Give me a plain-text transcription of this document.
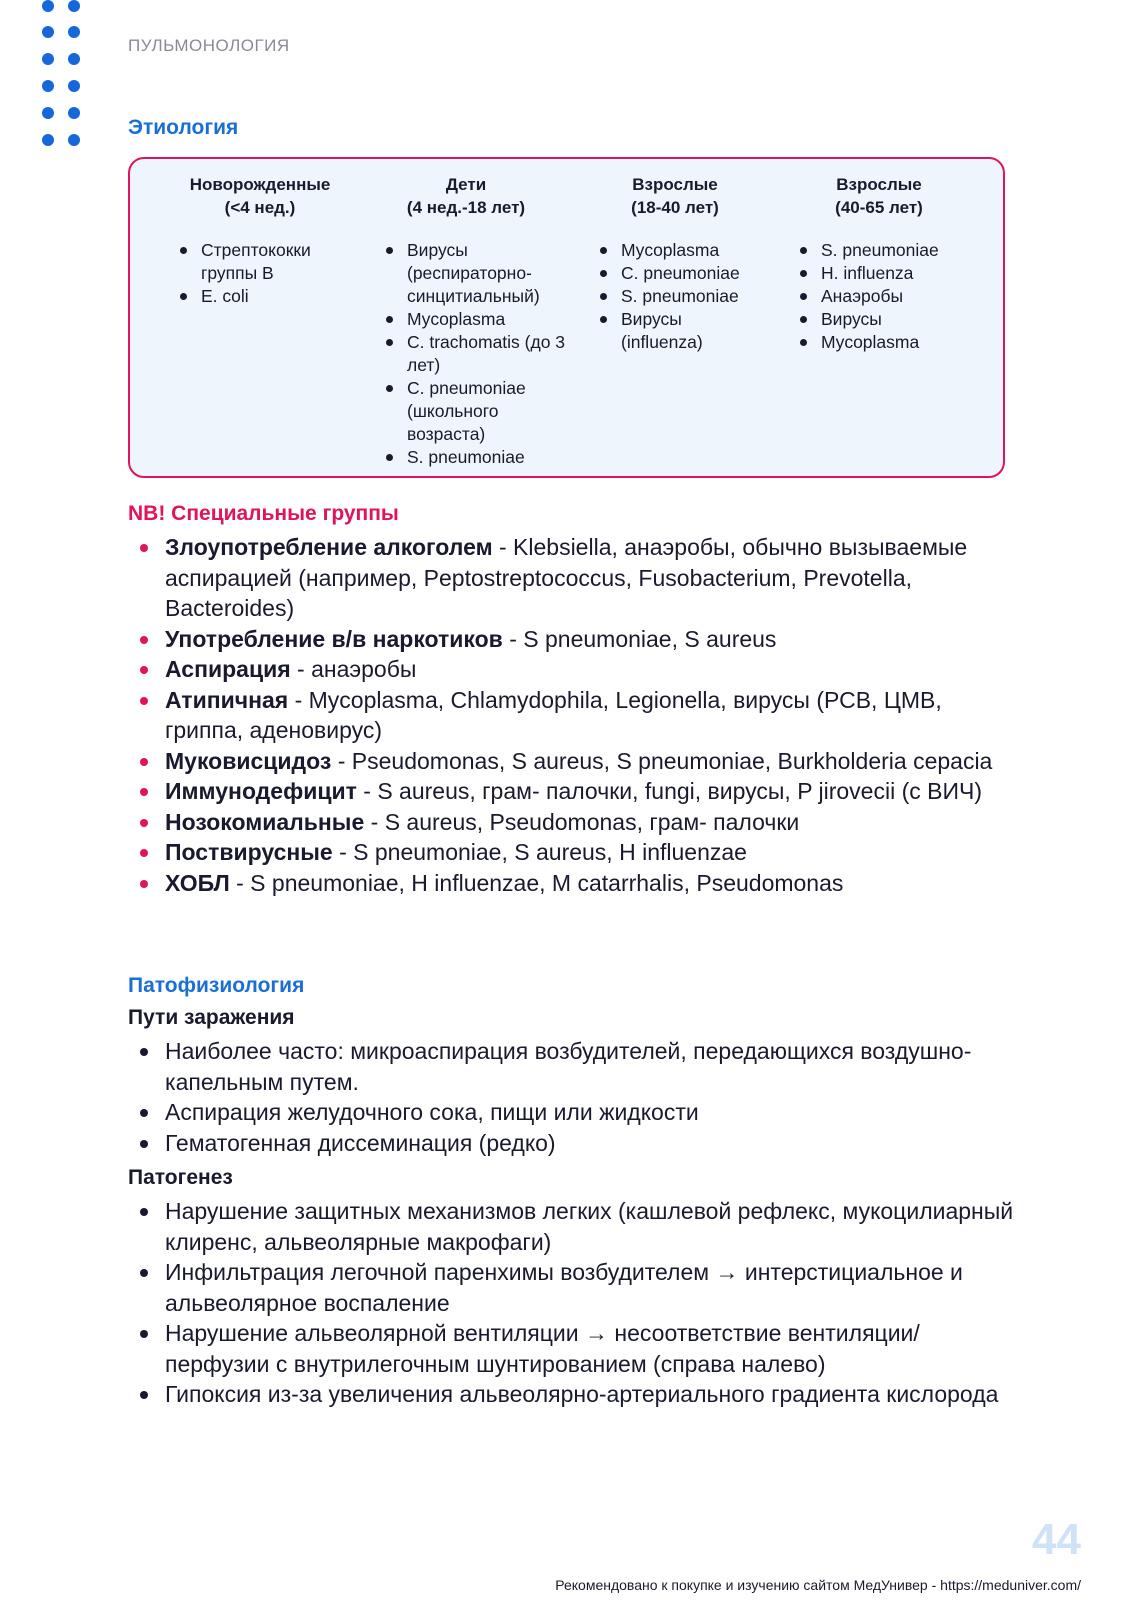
ПУЛЬМОНОЛОГИЯ
Этиология
Новорожденные
(<4 нед.)
Стрептококки группы В
E. coli
Дети
(4 нед.-18 лет)
Вирусы (респираторно-синцитиальный)
Mycoplasma
C. trachomatis (до 3 лет)
C. pneumoniae (школьного возраста)
S. pneumoniae
Взрослые
(18-40 лет)
Mycoplasma
C. pneumoniae
S. pneumoniae
Вирусы (influenza)
Взрослые
(40-65 лет)
S. pneumoniae
H. influenza
Анаэробы
Вирусы
Mycoplasma
NB! Специальные группы
Злоупотребление алкоголем - Klebsiella, анаэробы, обычно вызываемые аспирацией (например, Peptostreptococcus, Fusobacterium, Prevotella, Bacteroides)
Употребление в/в наркотиков - S pneumoniae, S aureus
Аспирация - анаэробы
Атипичная - Mycoplasma, Chlamydophila, Legionella, вирусы (РСВ, ЦМВ, гриппа, аденовирус)
Муковисцидоз - Pseudomonas, S aureus, S pneumoniae, Burkholderia cepacia
Иммунодефицит - S aureus, грам- палочки, fungi, вирусы, P jirovecii (с ВИЧ)
Нозокомиальные - S aureus, Pseudomonas, грам- палочки
Поствирусные - S pneumoniae, S aureus, H influenzae
ХОБЛ - S pneumoniae, H influenzae, M catarrhalis, Pseudomonas
Патофизиология
Пути заражения
Наиболее часто: микроаспирация возбудителей, передающихся воздушно-капельным путем.
Аспирация желудочного сока, пищи или жидкости
Гематогенная диссеминация (редко)
Патогенез
Нарушение защитных механизмов легких (кашлевой рефлекс, мукоцилиарный клиренс, альвеолярные макрофаги)
Инфильтрация легочной паренхимы возбудителем → интерстициальное и альвеолярное воспаление
Нарушение альвеолярной вентиляции → несоответствие вентиляции/ перфузии с внутрилегочным шунтированием (справа налево)
Гипоксия из-за увеличения альвеолярно-артериального градиента кислорода
44
Рекомендовано к покупке и изучению сайтом МедУнивер - https://meduniver.com/
